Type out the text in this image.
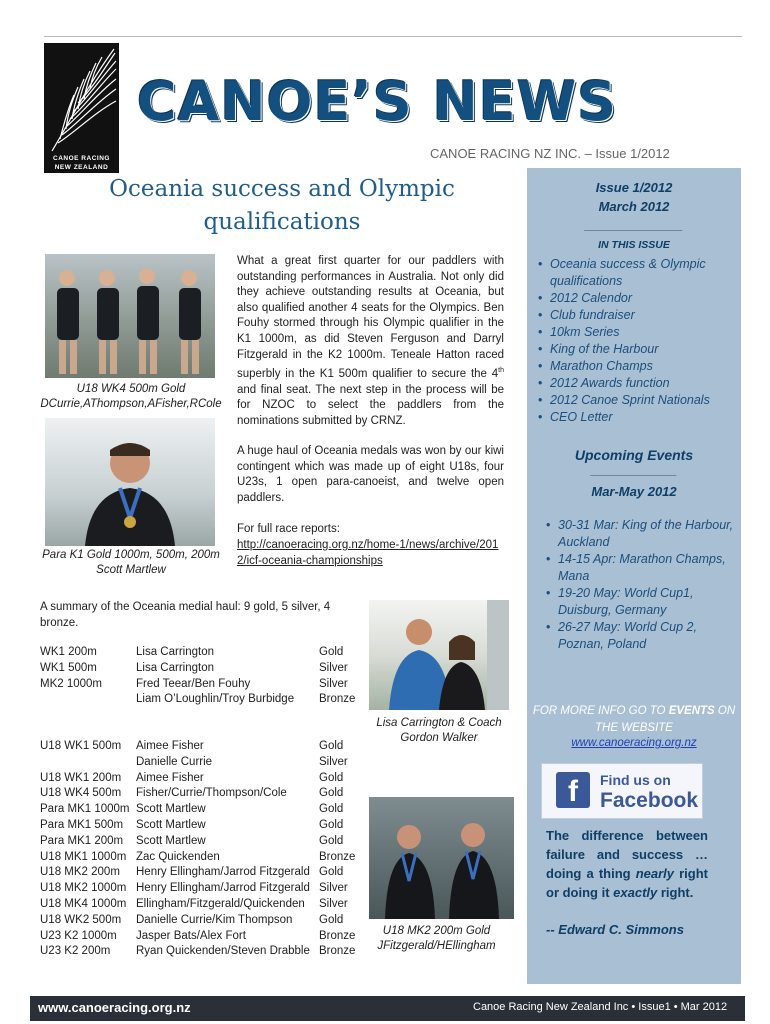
CANOE RACING
NEW ZEALAND
CANOE’S NEWS
CANOE RACING NZ INC. – Issue 1/2012
Oceania success and Olympic qualifications
U18 WK4 500m Gold DCurrie,AThompson,AFisher,RCole
Para K1 Gold 1000m, 500m, 200m Scott Martlew
What a great first quarter for our paddlers with outstanding performances in Australia. Not only did they achieve outstanding results at Oceania, but also qualified another 4 seats for the Olympics. Ben Fouhy stormed through his Olympic qualifier in the K1 1000m, as did Steven Ferguson and Darryl Fitzgerald in the K2 1000m. Teneale Hatton raced superbly in the K1 500m qualifier to secure the 4th and final seat. The next step in the process will be for NZOC to select the paddlers from the nominations submitted by CRNZ.
A huge haul of Oceania medals was won by our kiwi contingent which was made up of eight U18s, four U23s, 1 open para-canoeist, and twelve open paddlers.
For full race reports:
http://canoeracing.org.nz/home-1/news/archive/2012/icf-oceania-championships
A summary of the Oceania medial haul: 9 gold, 5 silver, 4 bronze.
WK1 200m	Lisa Carrington	Gold
WK1 500m	Lisa Carrington	Silver
MK2 1000m	Fred Teear/Ben Fouhy	Silver
Liam O’Loughlin/Troy Burbidge Bronze
U18 WK1 500m Aimee Fisher	Gold
Danielle Currie	Silver
U18 WK1 200m Aimee Fisher	Gold
U18 WK4 500m Fisher/Currie/Thompson/Cole	Gold
Para MK1 1000m Scott Martlew	Gold
Para MK1 500m Scott Martlew	Gold
Para MK1 200m Scott Martlew	Gold
U18 MK1 1000m Zac Quickenden	Bronze
U18 MK2 200m Henry Ellingham/Jarrod Fitzgerald Gold
U18 MK2 1000m Henry Ellingham/Jarrod Fitzgerald Silver
U18 MK4 1000m Ellingham/Fitzgerald/Quickenden Silver
U18 WK2 500m Danielle Currie/Kim Thompson Gold
U23 K2 1000m Jasper Bats/Alex Fort	Bronze
U23 K2 200m Ryan Quickenden/Steven Drabble Bronze
Lisa Carrington & Coach Gordon Walker
U18 MK2 200m Gold JFitzgerald/HEllingham
Issue 1/2012
March 2012
________________
IN THIS ISSUE
• Oceania success & Olympic qualifications
• 2012 Calendor
• Club fundraiser
• 10km Series
• King of the Harbour
• Marathon Champs
• 2012 Awards function
• 2012 Canoe Sprint Nationals
• CEO Letter
Upcoming Events
______________
Mar-May 2012
• 30-31 Mar: King of the Harbour, Auckland
• 14-15 Apr: Marathon Champs, Mana
• 19-20 May: World Cup1, Duisburg, Germany
• 26-27 May: World Cup 2, Poznan, Poland
FOR MORE INFO GO TO EVENTS ON THE WEBSITE
www.canoeracing.org.nz
f	Find us on
Facebook
The difference between failure and success … doing a thing nearly right or doing it exactly right.
-- Edward C. Simmons
www.canoeracing.org.nz	Canoe Racing New Zealand Inc • Issue1 • Mar 2012
